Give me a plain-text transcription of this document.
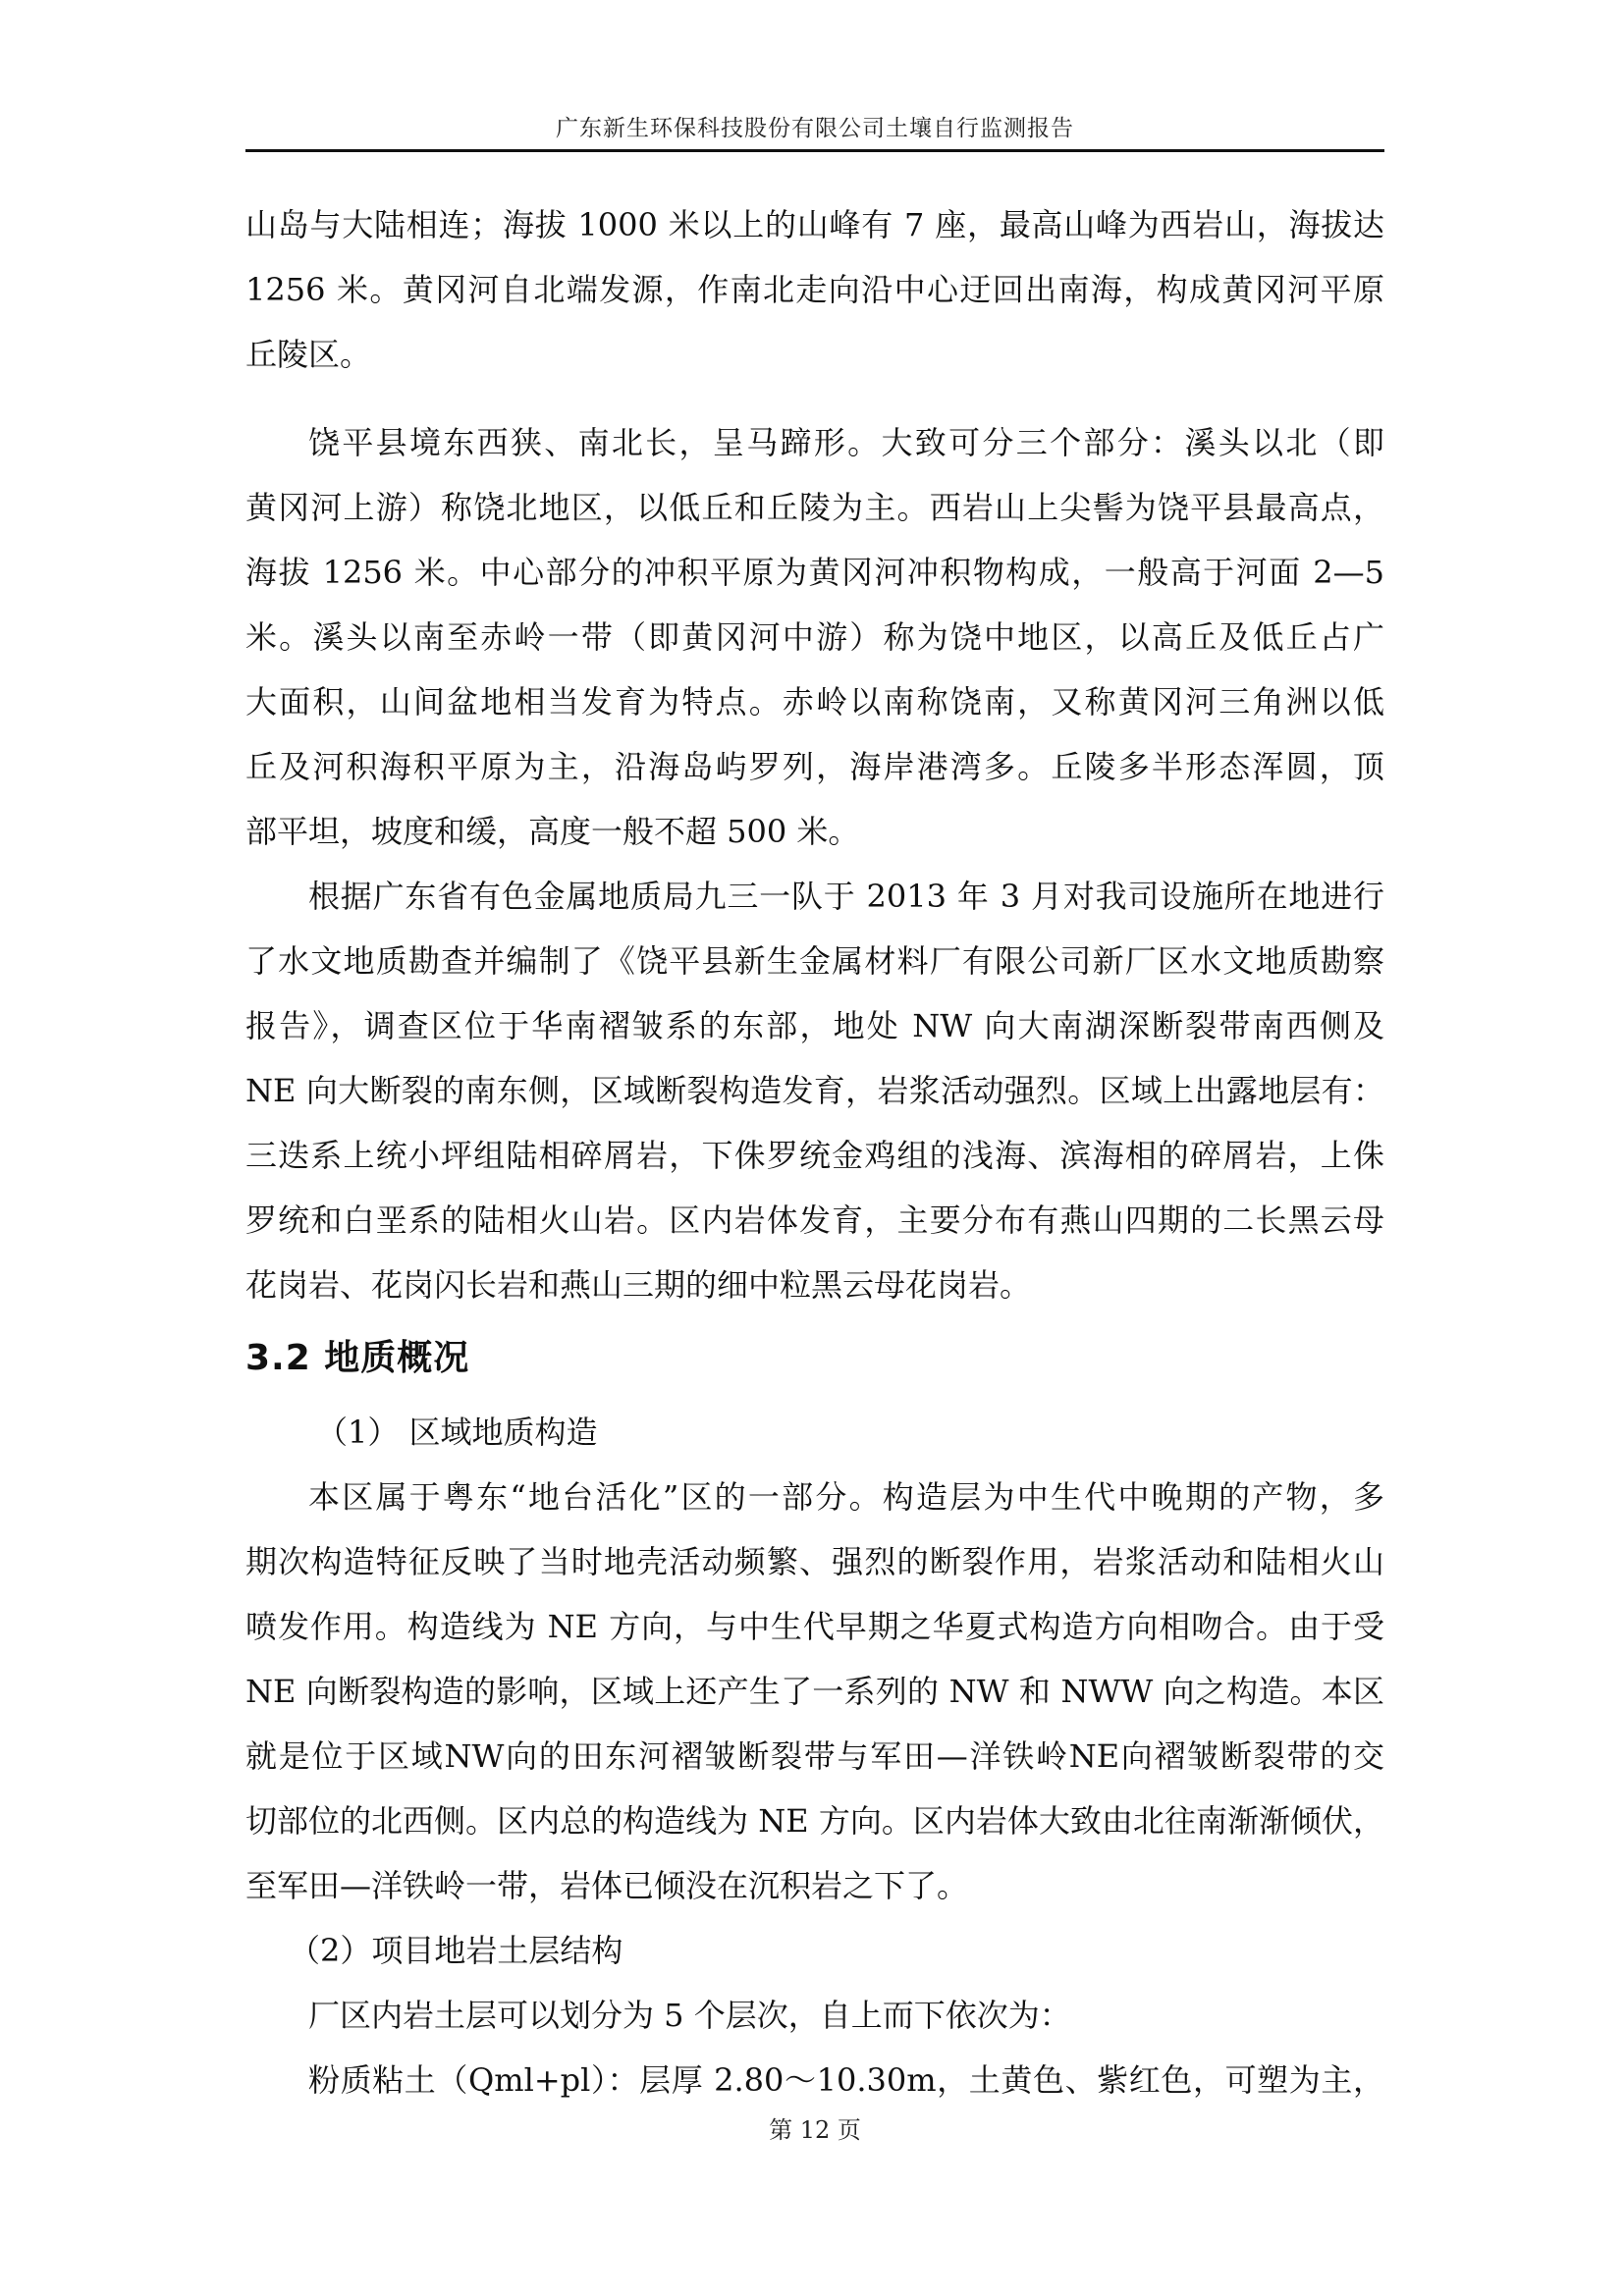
广东新生环保科技股份有限公司土壤自行监测报告
山岛与大陆相连；海拔 1000 米以上的山峰有 7 座，最高山峰为西岩山，海拔达
1256 米。黄冈河自北端发源，作南北走向沿中心迂回出南海，构成黄冈河平原
丘陵区。
饶平县境东西狭、南北长，呈马蹄形。大致可分三个部分：溪头以北（即
黄冈河上游）称饶北地区，以低丘和丘陵为主。西岩山上尖髻为饶平县最高点，
海拔 1256 米。中心部分的冲积平原为黄冈河冲积物构成，一般高于河面 2—5
米。溪头以南至赤岭一带（即黄冈河中游）称为饶中地区，以高丘及低丘占广
大面积，山间盆地相当发育为特点。赤岭以南称饶南，又称黄冈河三角洲以低
丘及河积海积平原为主，沿海岛屿罗列，海岸港湾多。丘陵多半形态浑圆，顶
部平坦，坡度和缓，高度一般不超 500 米。
根据广东省有色金属地质局九三一队于 2013 年 3 月对我司设施所在地进行
了水文地质勘查并编制了《饶平县新生金属材料厂有限公司新厂区水文地质勘察
报告》，调查区位于华南褶皱系的东部，地处 NW 向大南湖深断裂带南西侧及
NE 向大断裂的南东侧，区域断裂构造发育，岩浆活动强烈。区域上出露地层有：
三迭系上统小坪组陆相碎屑岩，下侏罗统金鸡组的浅海、滨海相的碎屑岩，上侏
罗统和白垩系的陆相火山岩。区内岩体发育，主要分布有燕山四期的二长黑云母
花岗岩、花岗闪长岩和燕山三期的细中粒黑云母花岗岩。
3.2 地质概况
（1） 区域地质构造
本区属于粤东“地台活化”区的一部分。构造层为中生代中晚期的产物，多
期次构造特征反映了当时地壳活动频繁、强烈的断裂作用，岩浆活动和陆相火山
喷发作用。构造线为 NE 方向，与中生代早期之华夏式构造方向相吻合。由于受
NE 向断裂构造的影响，区域上还产生了一系列的 NW 和 NWW 向之构造。本区
就是位于区域NW向的田东河褶皱断裂带与军田—洋铁岭NE向褶皱断裂带的交
切部位的北西侧。区内总的构造线为 NE 方向。区内岩体大致由北往南渐渐倾伏，
至军田—洋铁岭一带，岩体已倾没在沉积岩之下了。
（2）项目地岩土层结构
厂区内岩土层可以划分为 5 个层次，自上而下依次为：
粉质粘土（Qml+pl）：层厚 2.80～10.30m，土黄色、紫红色，可塑为主，
第 12 页
